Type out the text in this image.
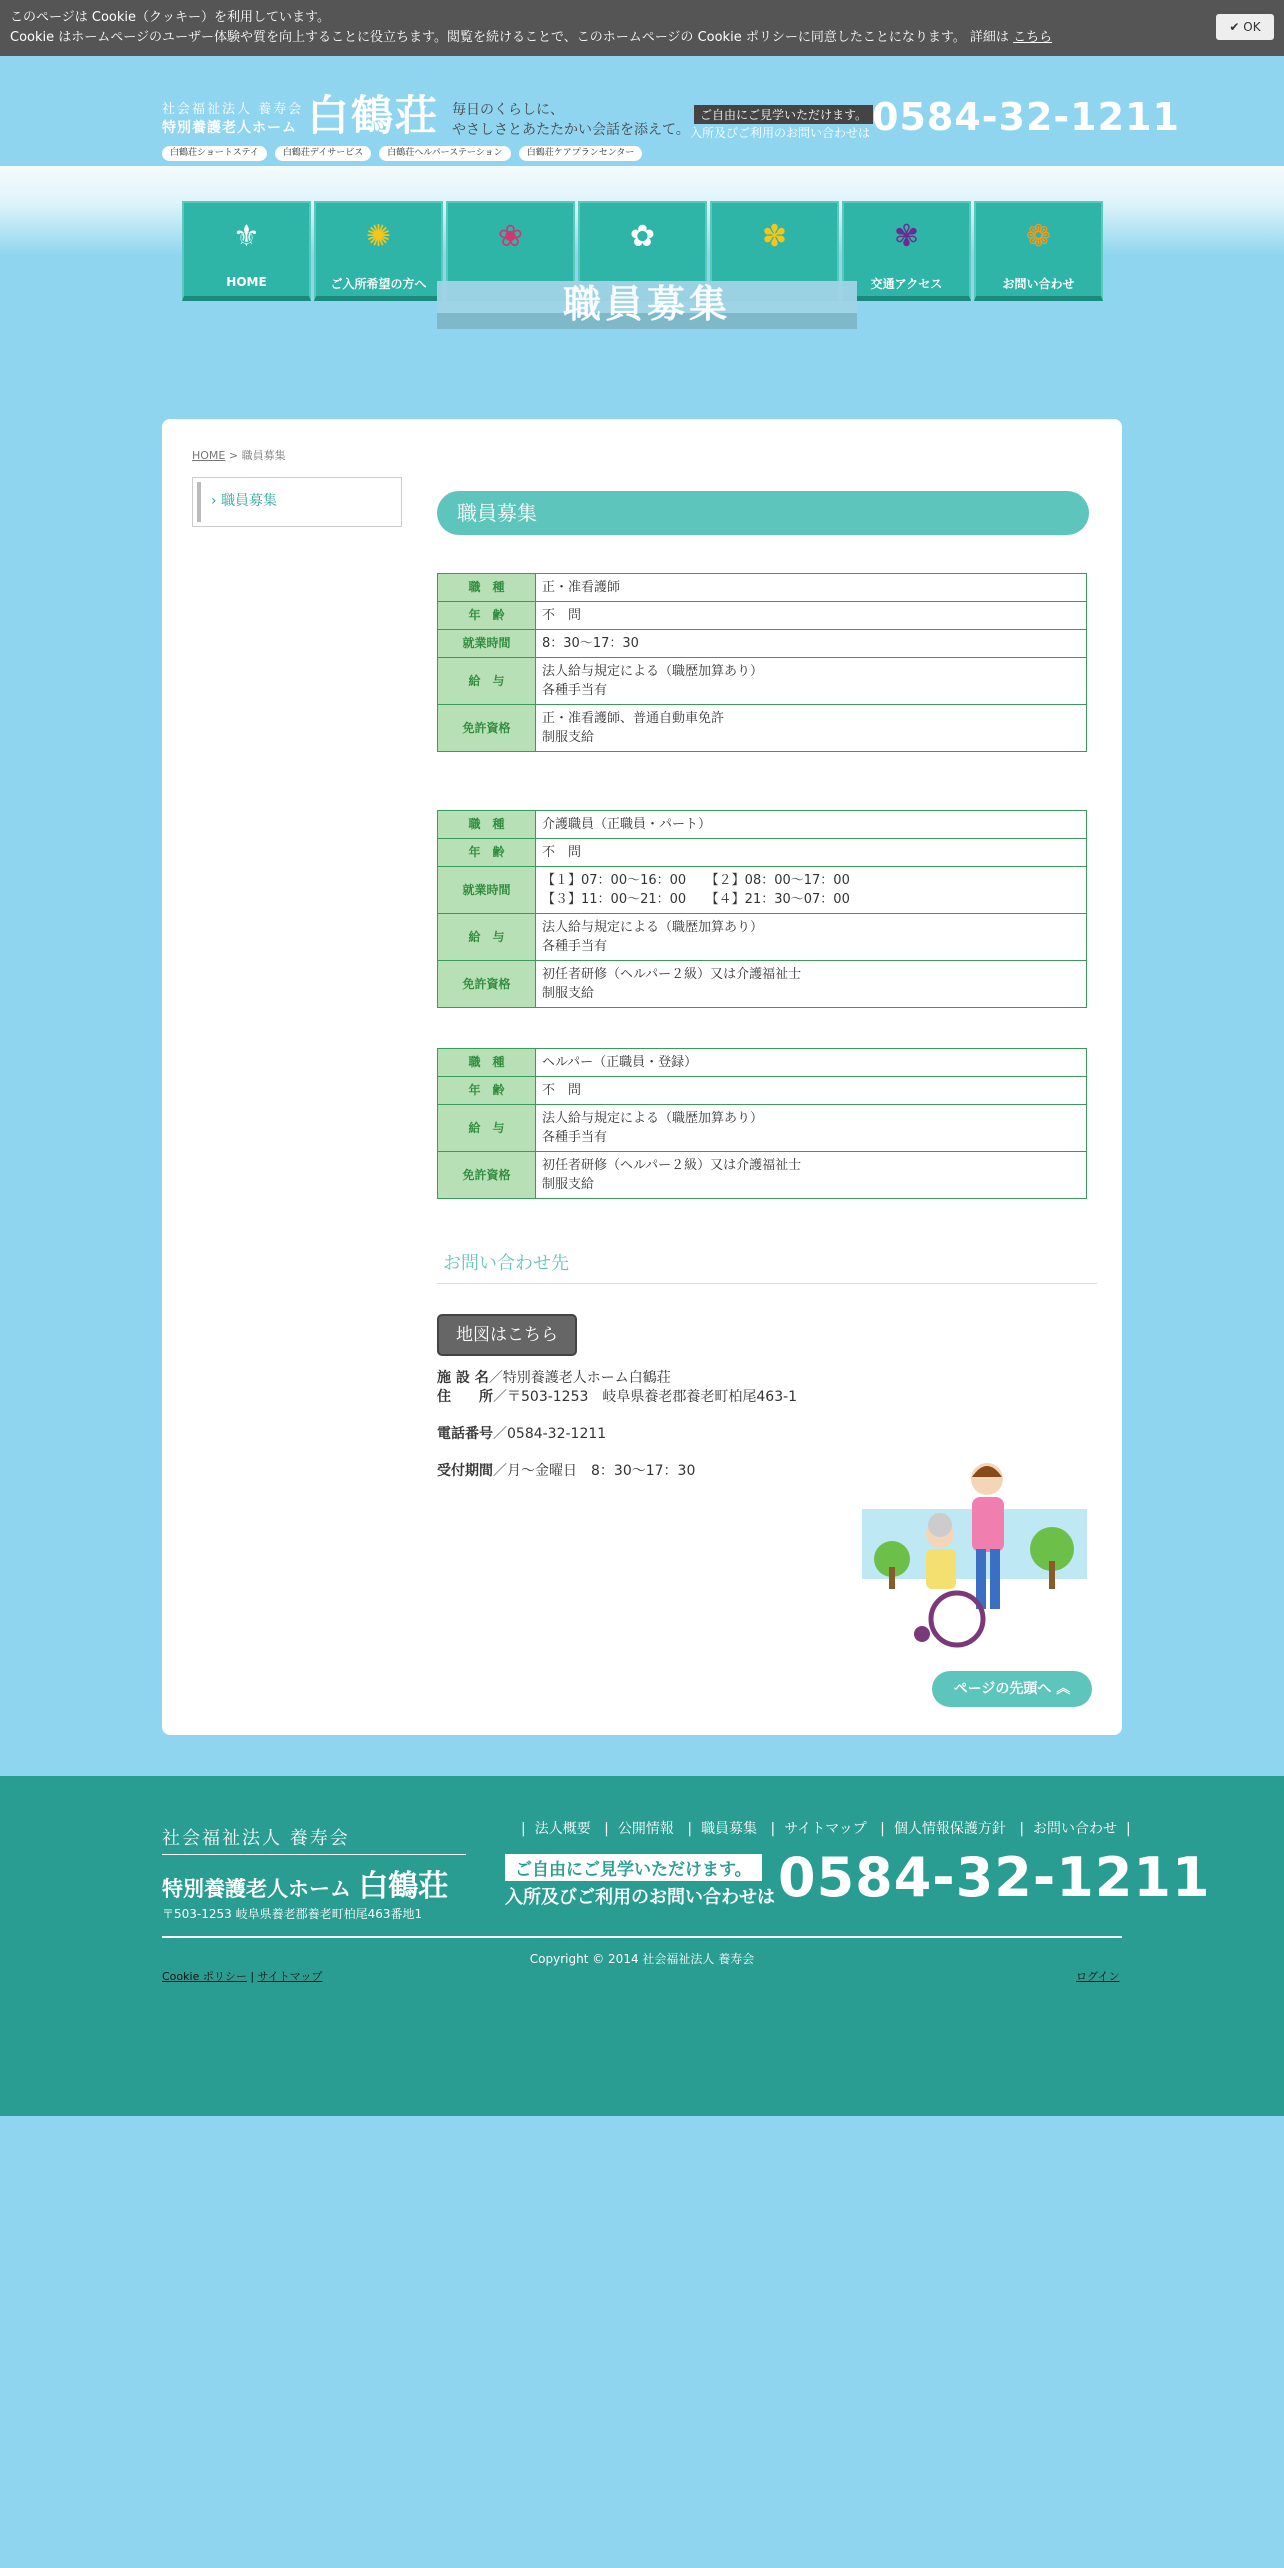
このページは Cookie（クッキー）を利用しています。
Cookie はホームページのユーザー体験や質を向上することに役立ちます。閲覧を続けることで、このホームページの Cookie ポリシーに同意したことになります。 詳細は こちら
✔ OK
社会福祉法人 養寿会
特別養護老人ホーム 白鶴荘 毎日のくらしに、
やさしさとあたたかい会話を添えて。
ご自由にご見学いただけます。
入所及びご利用のお問い合わせは 0584-32-1211
白鶴荘ショートステイ	白鶴荘デイサービス	白鶴荘ヘルパーステーション	白鶴荘ケアプランセンター
⚜
HOME
✺
ご入所希望の方へ
❀	✿	✽	✾
交通アクセス
❁
お問い合わせ
職員募集
HOME > 職員募集
› 職員募集	職員募集
職　種	正・准看護師
年　齢	不　問
就業時間	8：30～17：30
給　与	法人給与規定による（職歴加算あり）
各種手当有

免許資格	正・准看護師、普通自動車免許
制服支給
職　種	介護職員（正職員・パート）
年　齢	不　問
就業時間	【１】07：00～16：00　　【２】08：00～17：00
【３】11：00～21：00　　【４】21：30～07：00

給　与	法人給与規定による（職歴加算あり）
各種手当有

免許資格	初任者研修（ヘルパー２級）又は介護福祉士
制服支給
職　種	ヘルパー（正職員・登録）
年　齢	不　問
給　与	法人給与規定による（職歴加算あり）
各種手当有

免許資格	初任者研修（ヘルパー２級）又は介護福祉士
制服支給
お問い合わせ先
地図はこちら
施 設 名／特別養護老人ホーム白鶴荘
住　　所／〒503-1253　岐阜県養老郡養老町柏尾463-1
電話番号／0584-32-1211
受付期間／月～金曜日　8：30～17：30
ページの先頭へ ︽
社会福祉法人 養寿会
特別養護老人ホーム 白鶴荘
〒503-1253 岐阜県養老郡養老町柏尾463番地1
| 法人概要 | 公開情報 | 職員募集 | サイトマップ | 個人情報保護方針 | お問い合わせ |
ご自由にご見学いただけます。
入所及びご利用のお問い合わせは 0584-32-1211
Copyright © 2014 社会福祉法人 養寿会
Cookie ポリシー | サイトマップ	ログイン
